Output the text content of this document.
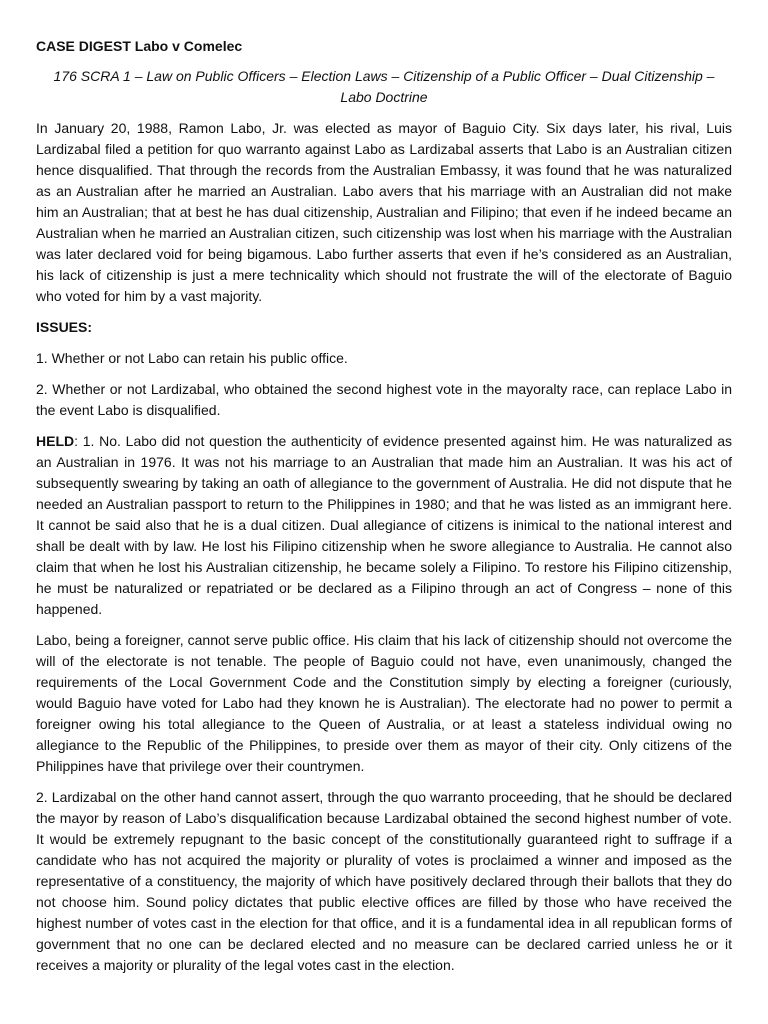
CASE DIGEST Labo v Comelec
176 SCRA 1 – Law on Public Officers – Election Laws – Citizenship of a Public Officer – Dual Citizenship – Labo Doctrine

In January 20, 1988, Ramon Labo, Jr. was elected as mayor of Baguio City. Six days later, his rival, Luis Lardizabal filed a petition for quo warranto against Labo as Lardizabal asserts that Labo is an Australian citizen hence disqualified. That through the records from the Australian Embassy, it was found that he was naturalized as an Australian after he married an Australian. Labo avers that his marriage with an Australian did not make him an Australian; that at best he has dual citizenship, Australian and Filipino; that even if he indeed became an Australian when he married an Australian citizen, such citizenship was lost when his marriage with the Australian was later declared void for being bigamous. Labo further asserts that even if he’s considered as an Australian, his lack of citizenship is just a mere technicality which should not frustrate the will of the electorate of Baguio who voted for him by a vast majority.

ISSUES:

1. Whether or not Labo can retain his public office.

2. Whether or not Lardizabal, who obtained the second highest vote in the mayoralty race, can replace Labo in the event Labo is disqualified.

HELD: 1. No. Labo did not question the authenticity of evidence presented against him. He was naturalized as an Australian in 1976. It was not his marriage to an Australian that made him an Australian. It was his act of subsequently swearing by taking an oath of allegiance to the government of Australia. He did not dispute that he needed an Australian passport to return to the Philippines in 1980; and that he was listed as an immigrant here. It cannot be said also that he is a dual citizen. Dual allegiance of citizens is inimical to the national interest and shall be dealt with by law. He lost his Filipino citizenship when he swore allegiance to Australia. He cannot also claim that when he lost his Australian citizenship, he became solely a Filipino. To restore his Filipino citizenship, he must be naturalized or repatriated or be declared as a Filipino through an act of Congress – none of this happened.

Labo, being a foreigner, cannot serve public office. His claim that his lack of citizenship should not overcome the will of the electorate is not tenable. The people of Baguio could not have, even unanimously, changed the requirements of the Local Government Code and the Constitution simply by electing a foreigner (curiously, would Baguio have voted for Labo had they known he is Australian). The electorate had no power to permit a foreigner owing his total allegiance to the Queen of Australia, or at least a stateless individual owing no allegiance to the Republic of the Philippines, to preside over them as mayor of their city. Only citizens of the Philippines have that privilege over their countrymen.

2. Lardizabal on the other hand cannot assert, through the quo warranto proceeding, that he should be declared the mayor by reason of Labo’s disqualification because Lardizabal obtained the second highest number of vote. It would be extremely repugnant to the basic concept of the constitutionally guaranteed right to suffrage if a candidate who has not acquired the majority or plurality of votes is proclaimed a winner and imposed as the representative of a constituency, the majority of which have positively declared through their ballots that they do not choose him. Sound policy dictates that public elective offices are filled by those who have received the highest number of votes cast in the election for that office, and it is a fundamental idea in all republican forms of government that no one can be declared elected and no measure can be declared carried unless he or it receives a majority or plurality of the legal votes cast in the election.
